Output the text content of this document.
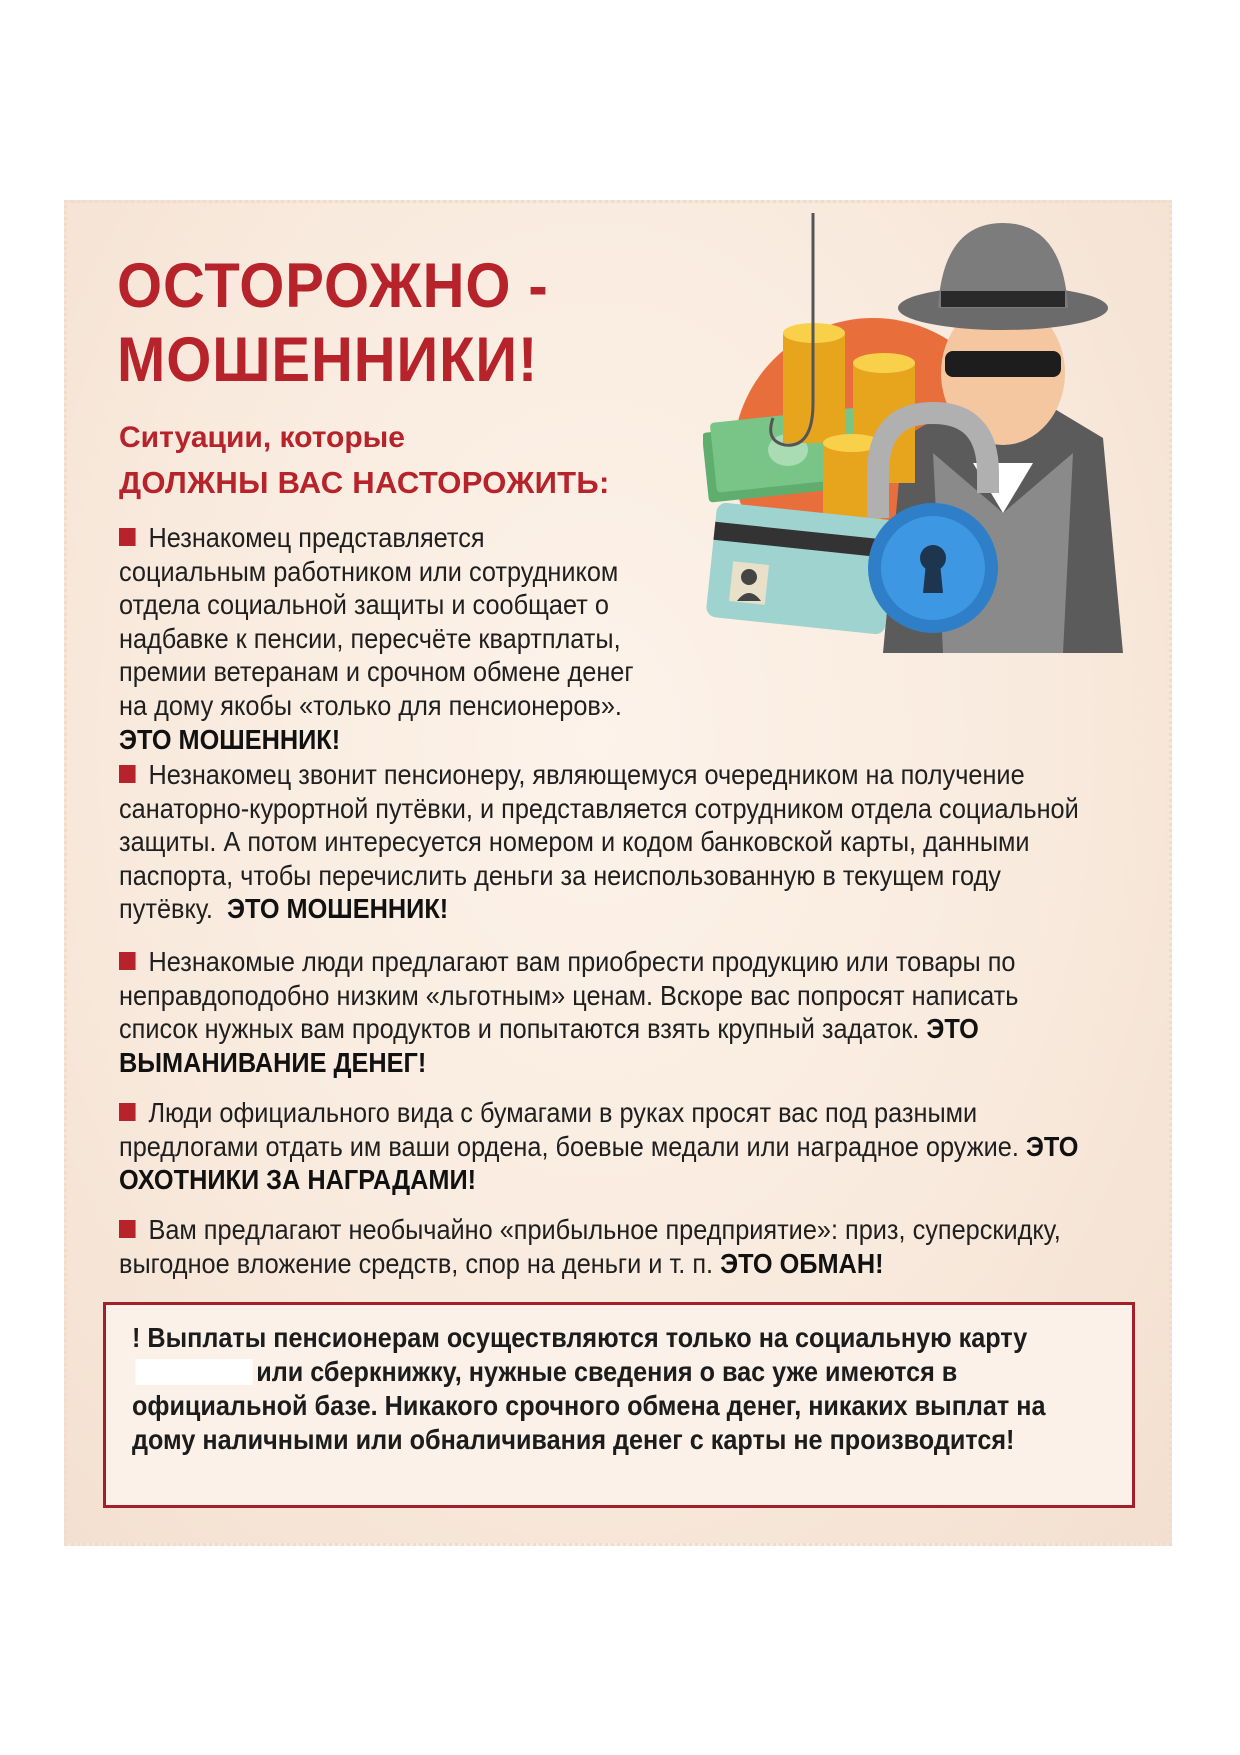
ОСТОРОЖНО -
МОШЕННИКИ!
Ситуации, которые
ДОЛЖНЫ ВАС НАСТОРОЖИТЬ:
Незнакомец представляется социальным работником или сотрудником отдела социальной защиты и сообщает о надбавке к пенсии, пересчёте квартплаты, премии ветеранам и срочном обмене денег на дому якобы «только для пенсионеров».  ЭТО МОШЕННИК!
Незнакомец звонит пенсионеру, являющемуся очередником на получение санаторно-курортной путёвки, и представляется сотрудником отдела социальной защиты. А потом интересуется номером и кодом банковской карты, данными паспорта, чтобы перечислить деньги за неиспользованную в текущем году путёвку. ЭТО МОШЕННИК!
Незнакомые люди предлагают вам приобрести продукцию или товары по неправдоподобно низким «льготным» ценам. Вскоре вас попросят написать список нужных вам продуктов и попытаются взять крупный задаток. ЭТО ВЫМАНИВАНИЕ ДЕНЕГ!
Люди официального вида с бумагами в руках просят вас под разными предлогами отдать им ваши ордена, боевые медали или наградное оружие. ЭТО ОХОТНИКИ ЗА НАГРАДАМИ!
Вам предлагают необычайно «прибыльное предприятие»: приз, суперскидку, выгодное вложение средств, спор на деньги и т. п. ЭТО ОБМАН!
! Выплаты пенсионерам осуществляются только на социальную картуили сберкнижку, нужные сведения о вас уже имеются в официальной базе. Никакого срочного обмена денег, никаких выплат на дому наличными или обналичивания денег с карты не производится!
